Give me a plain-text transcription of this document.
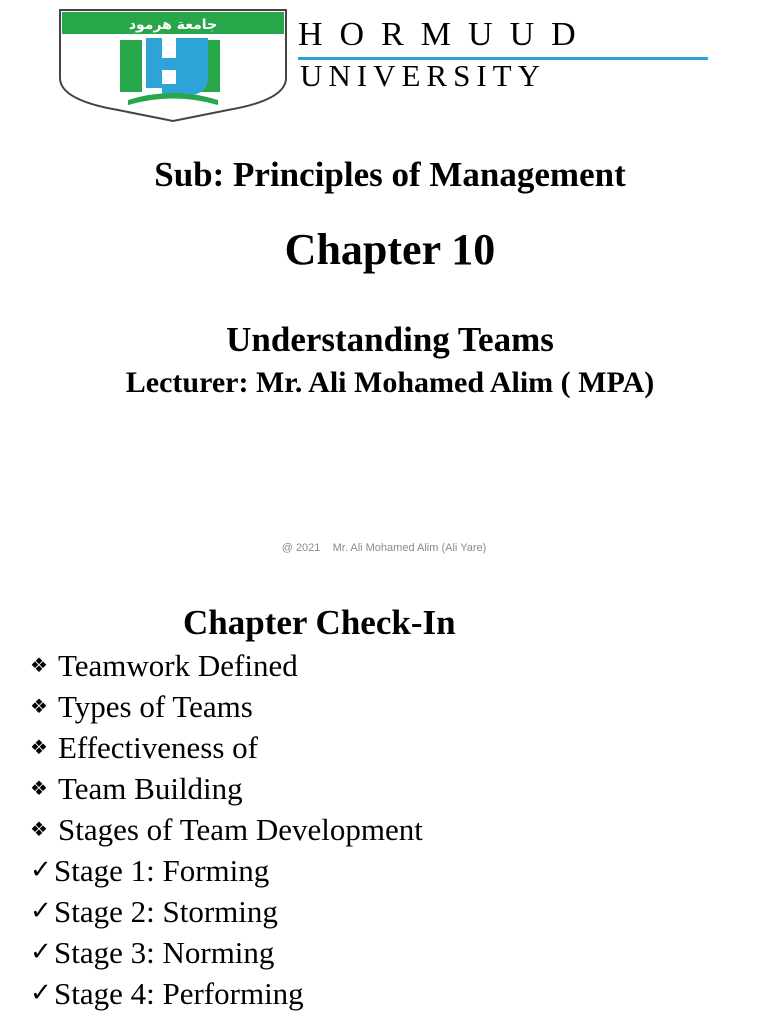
جامعة هرمود HORMUUD
UNIVERSITY
Sub: Principles of Management
Chapter 10
Understanding Teams
Lecturer: Mr. Ali Mohamed Alim ( MPA)
@ 2021    Mr. Ali Mohamed Alim (Ali Yare)
Chapter Check-In
❖ Teamwork Defined
❖ Types of Teams
❖ Effectiveness of
❖ Team Building
❖ Stages of Team Development
✓ Stage 1: Forming
✓ Stage 2: Storming
✓ Stage 3: Norming
✓ Stage 4: Performing
